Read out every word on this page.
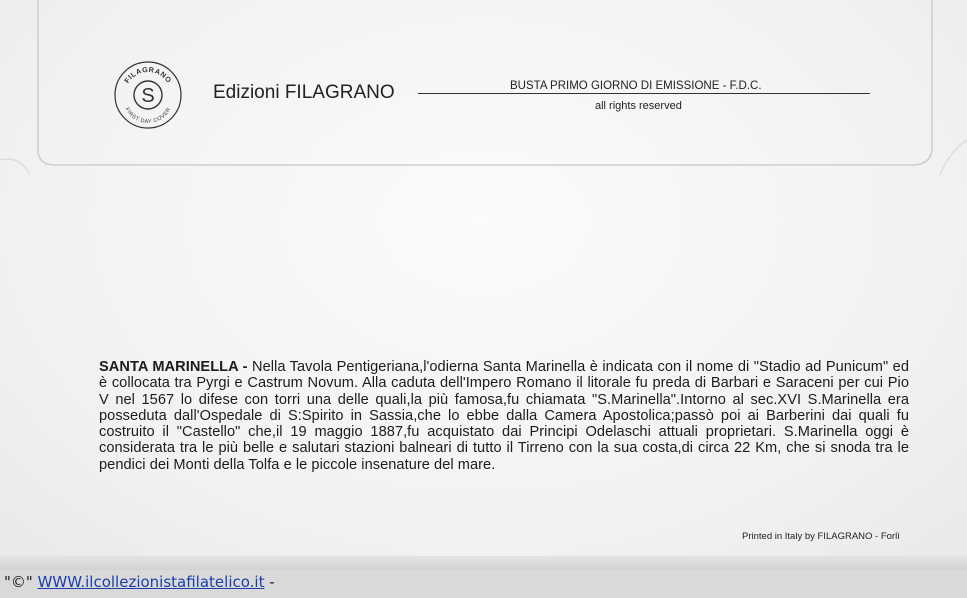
FILAGRANO
FIRST DAY COVER
S	Edizioni FILAGRANO	BUSTA PRIMO GIORNO DI EMISSIONE - F.D.C.
all rights reserved
SANTA MARINELLA - Nella Tavola Pentigeriana,l'odierna Santa Marinella è indicata con il nome di "Stadio ad Punicum" ed è collocata tra Pyrgi e Castrum Novum. Alla caduta dell'Impero Romano il litorale fu preda di Barbari e Saraceni per cui Pio V nel 1567 lo difese con torri una delle quali,la più famosa,fu chiamata "S.Marinella".Intorno al sec.XVI S.Marinella era posseduta dall'Ospedale di S:Spirito in Sassia,che lo ebbe dalla Camera Apostolica;passò poi ai Barberini dai quali fu costruito il "Castello" che,il 19 maggio 1887,fu acquistato dai Principi Odelaschi attuali proprietari. S.Marinella oggi è considerata tra le più belle e salutari stazioni balneari di tutto il Tirreno con la sua costa,di circa 22 Km, che si snoda tra le pendici dei Monti della Tolfa e le piccole insenature del mare.
Printed in Italy by FILAGRANO - Forlì
"©" WWW.ilcollezionistafilatelico.it -
